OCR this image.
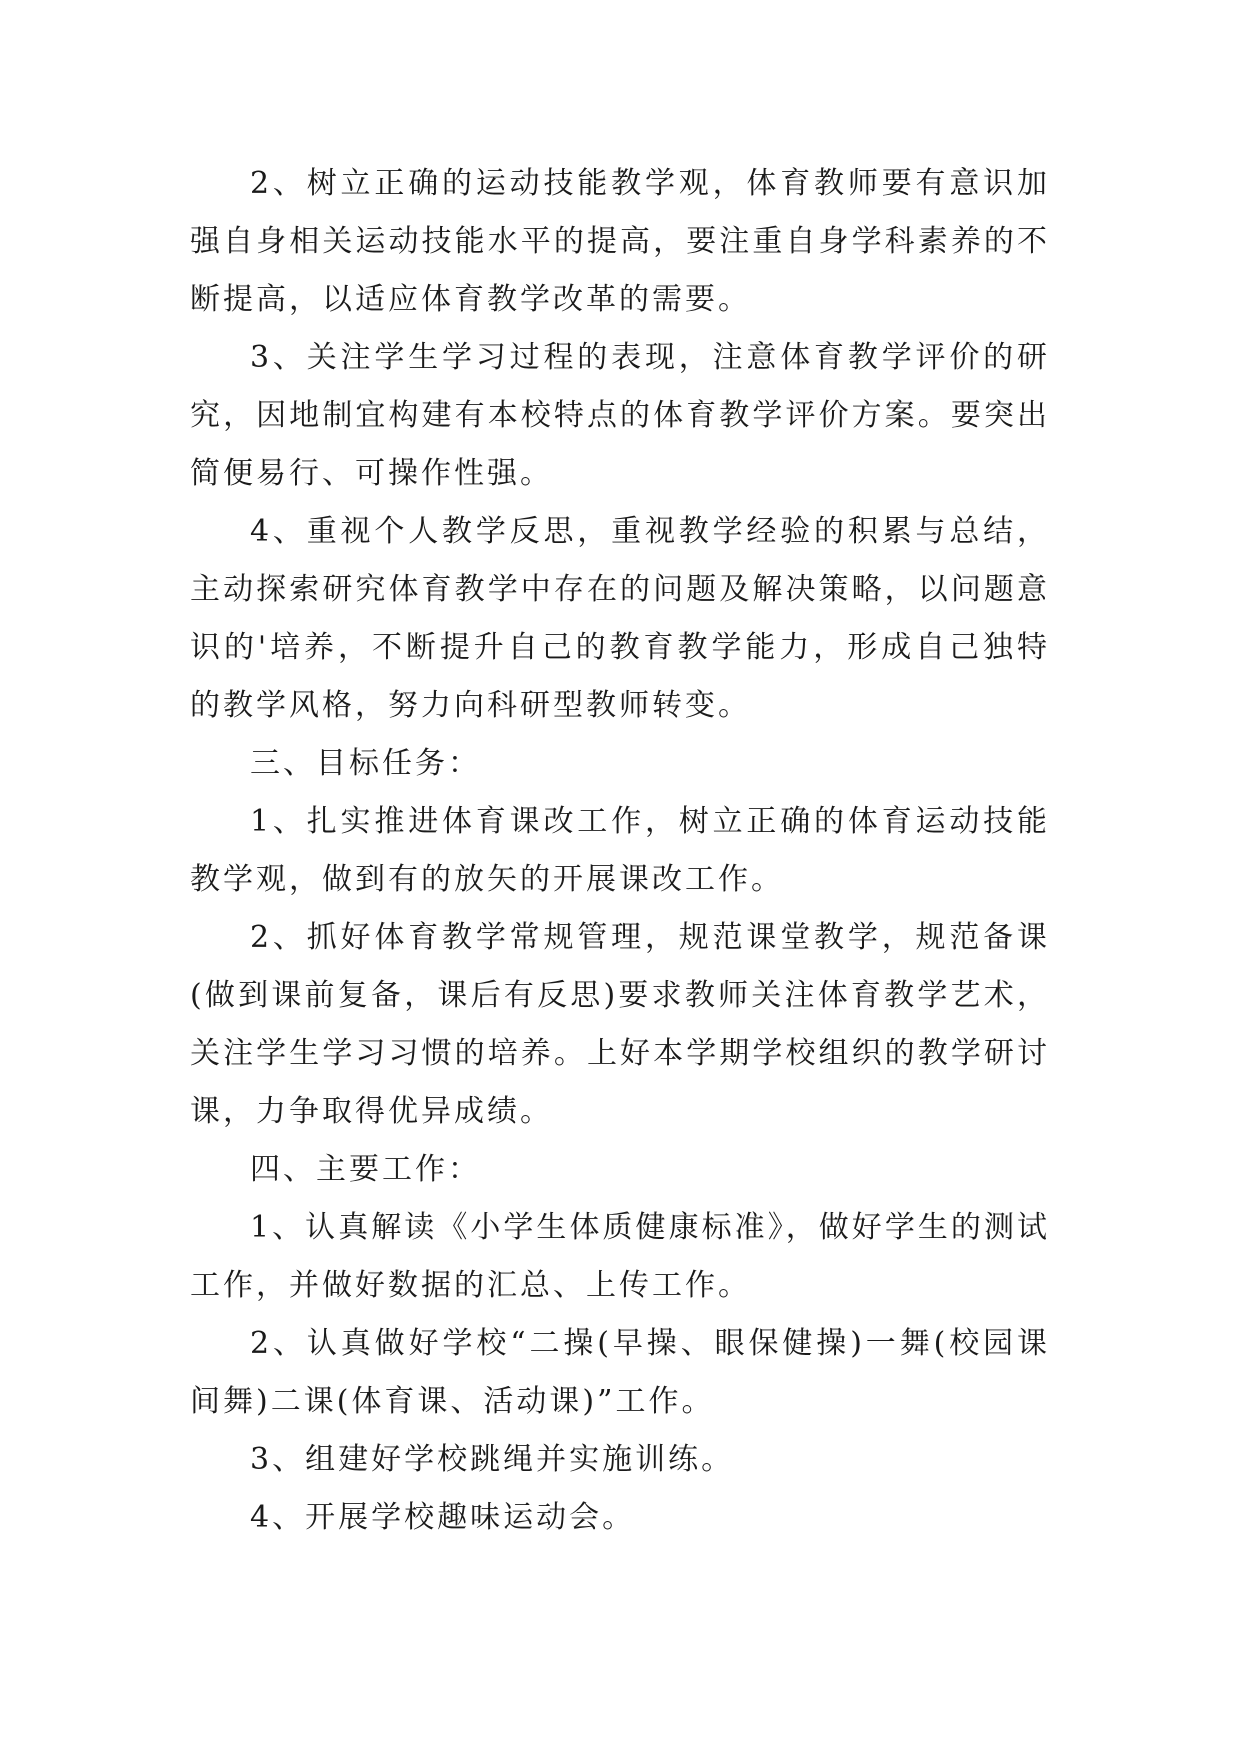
2、树立正确的运动技能教学观，体育教师要有意识加强自身相关运动技能水平的提高，要注重自身学科素养的不断提高，以适应体育教学改革的需要。

3、关注学生学习过程的表现，注意体育教学评价的研究，因地制宜构建有本校特点的体育教学评价方案。要突出简便易行、可操作性强。

4、重视个人教学反思，重视教学经验的积累与总结，主动探索研究体育教学中存在的问题及解决策略，以问题意识的'培养，不断提升自己的教育教学能力，形成自己独特的教学风格，努力向科研型教师转变。

三、目标任务：

1、扎实推进体育课改工作，树立正确的体育运动技能教学观，做到有的放矢的开展课改工作。

2、抓好体育教学常规管理，规范课堂教学，规范备课(做到课前复备，课后有反思)要求教师关注体育教学艺术，关注学生学习习惯的培养。上好本学期学校组织的教学研讨课，力争取得优异成绩。

四、主要工作：

1、认真解读《小学生体质健康标准》，做好学生的测试工作，并做好数据的汇总、上传工作。

2、认真做好学校“二操(早操、眼保健操)一舞(校园课间舞)二课(体育课、活动课)”工作。

3、组建好学校跳绳并实施训练。

4、开展学校趣味运动会。
